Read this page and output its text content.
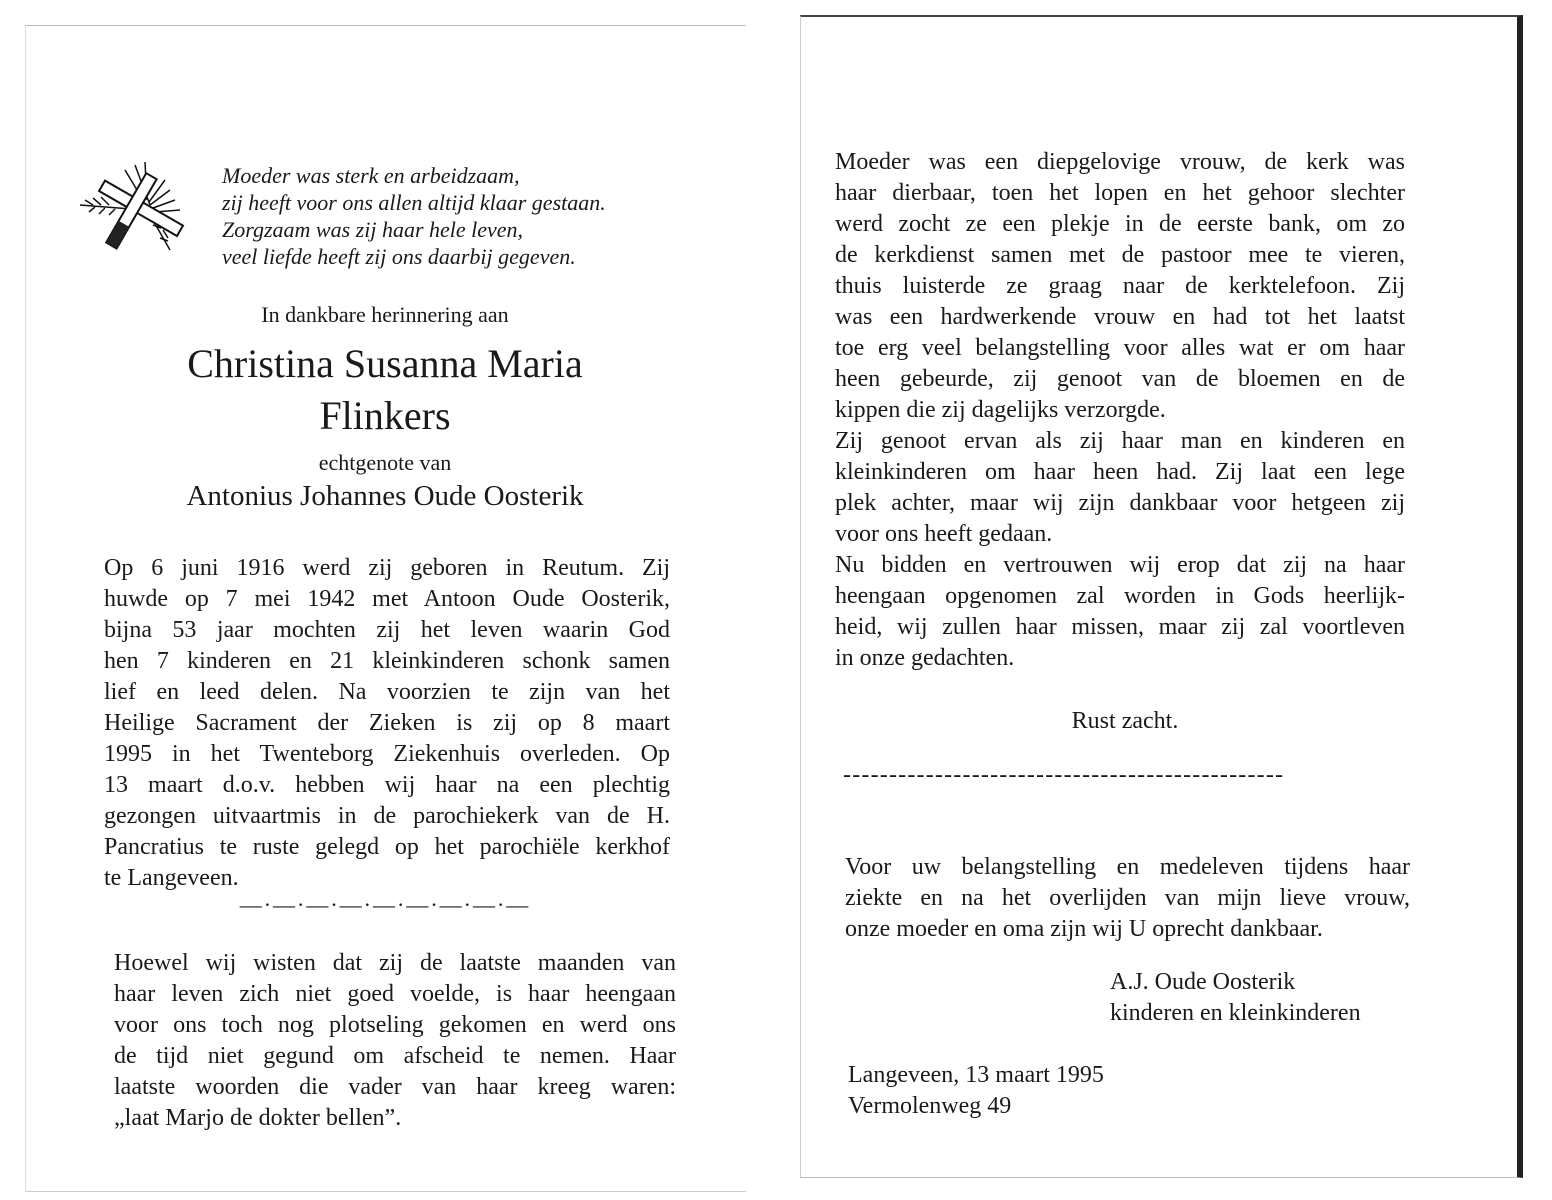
Moeder was sterk en arbeidzaam,
zij heeft voor ons allen altijd klaar gestaan.
Zorgzaam was zij haar hele leven,
veel liefde heeft zij ons daarbij gegeven.
In dankbare herinnering aan
Christina Susanna Maria
Flinkers
echtgenote van
Antonius Johannes Oude Oosterik
Op 6 juni 1916 werd zij geboren in Reutum. Zij
huwde op 7 mei 1942 met Antoon Oude Oosterik,
bijna 53 jaar mochten zij het leven waarin God
hen 7 kinderen en 21 kleinkinderen schonk samen
lief en leed delen. Na voorzien te zijn van het
Heilige Sacrament der Zieken is zij op 8 maart
1995 in het Twenteborg Ziekenhuis overleden. Op
13 maart d.o.v. hebben wij haar na een plechtig
gezongen uitvaartmis in de parochiekerk van de H.
Pancratius te ruste gelegd op het parochiële kerkhof
te Langeveen.
—·—·—·—·—·—·—·—·—
Hoewel wij wisten dat zij de laatste maanden van
haar leven zich niet goed voelde, is haar heengaan
voor ons toch nog plotseling gekomen en werd ons
de tijd niet gegund om afscheid te nemen. Haar
laatste woorden die vader van haar kreeg waren:
„laat Marjo de dokter bellen”.
Moeder was een diepgelovige vrouw, de kerk was
haar dierbaar, toen het lopen en het gehoor slechter
werd zocht ze een plekje in de eerste bank, om zo
de kerkdienst samen met de pastoor mee te vieren,
thuis luisterde ze graag naar de kerktelefoon. Zij
was een hardwerkende vrouw en had tot het laatst
toe erg veel belangstelling voor alles wat er om haar
heen gebeurde, zij genoot van de bloemen en de
kippen die zij dagelijks verzorgde.
Zij genoot ervan als zij haar man en kinderen en
kleinkinderen om haar heen had. Zij laat een lege
plek achter, maar wij zijn dankbaar voor hetgeen zij
voor ons heeft gedaan.
Nu bidden en vertrouwen wij erop dat zij na haar
heengaan opgenomen zal worden in Gods heerlijk-
heid, wij zullen haar missen, maar zij zal voortleven
in onze gedachten.
Rust zacht.
------------------------------------------------
Voor uw belangstelling en medeleven tijdens haar
ziekte en na het overlijden van mijn lieve vrouw,
onze moeder en oma zijn wij U oprecht dankbaar.
A.J. Oude Oosterik
kinderen en kleinkinderen
Langeveen, 13 maart 1995
Vermolenweg 49
